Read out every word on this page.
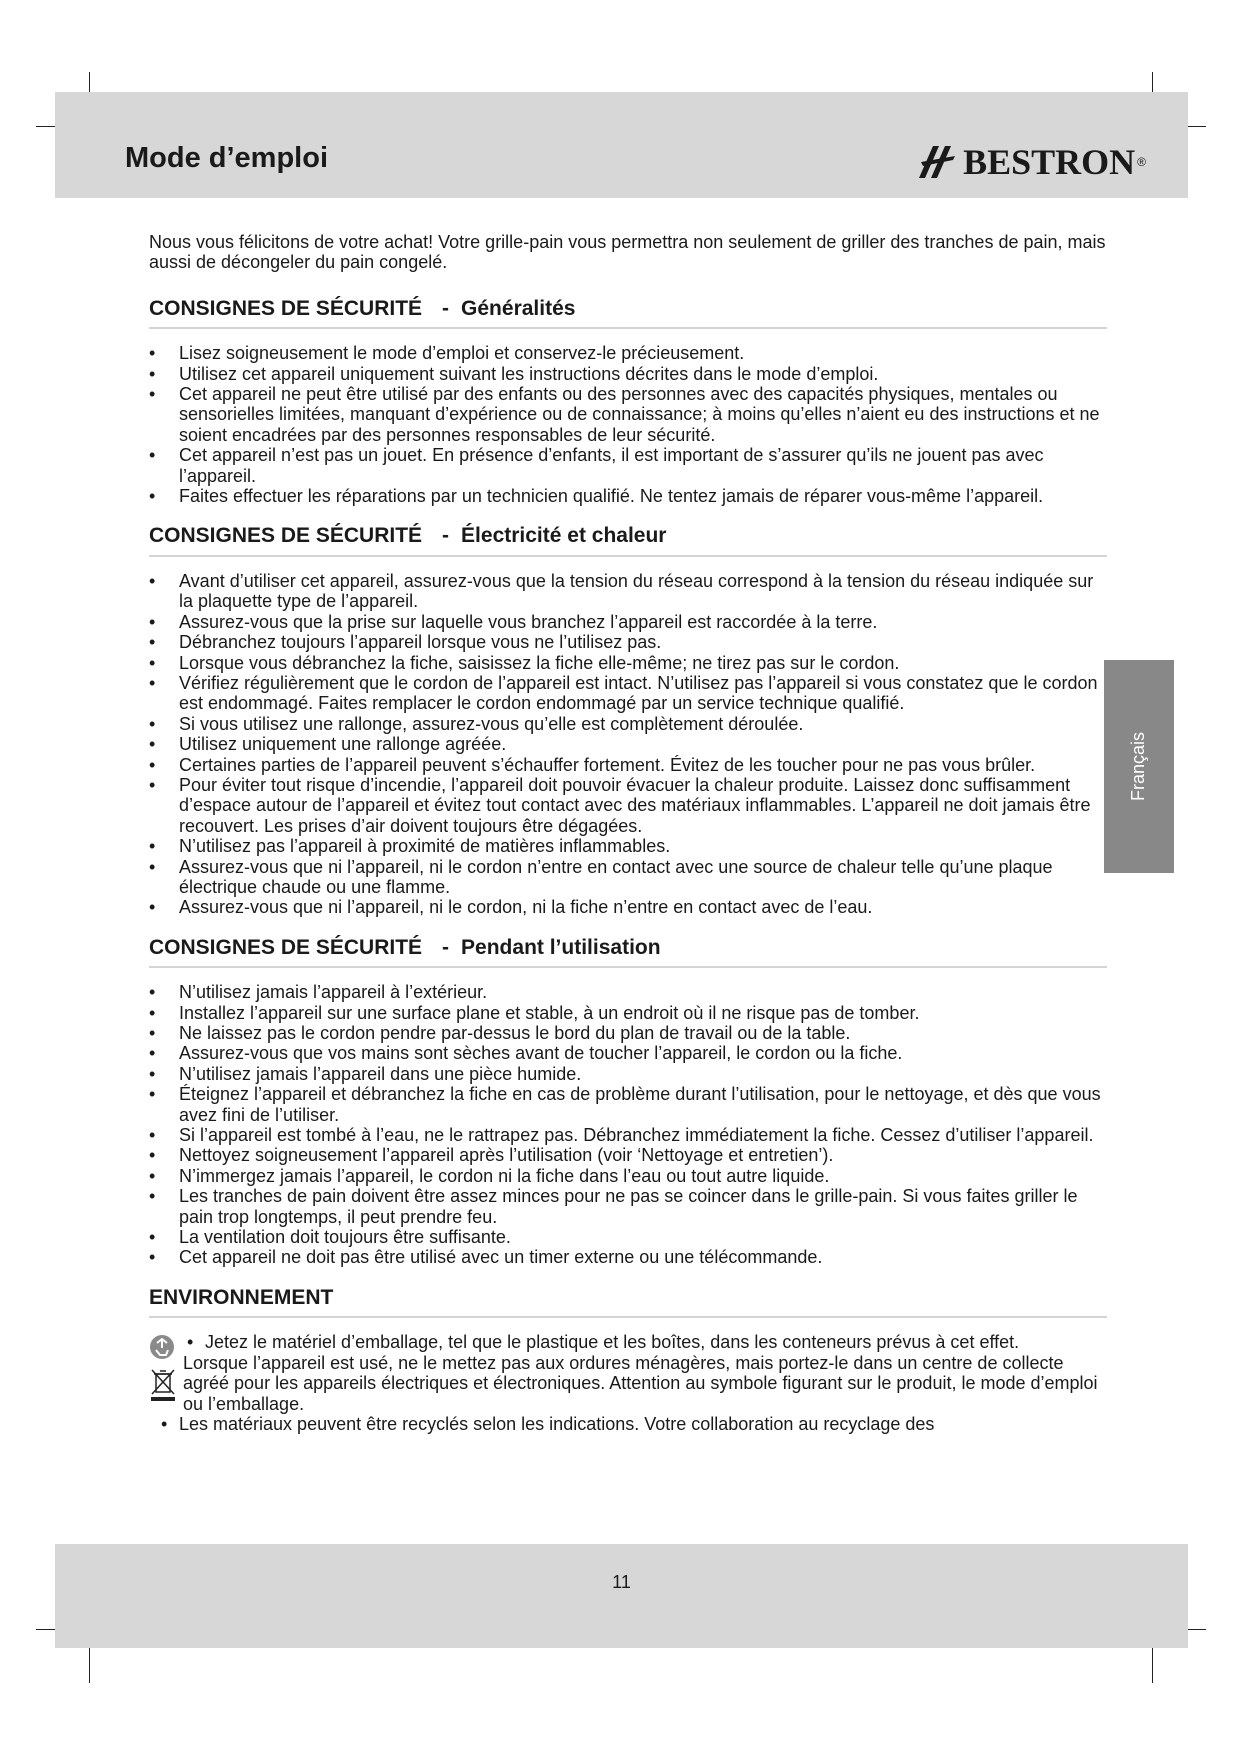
Mode d’emploi	BESTRON ®

Nous vous félicitons de votre achat! Votre grille-pain vous permettra non seulement de griller des tranches de pain, mais aussi de décongeler du pain congelé.

CONSIGNES DE SÉCURITÉ - Généralités
• Lisez soigneusement le mode d’emploi et conservez-le précieusement.
• Utilisez cet appareil uniquement suivant les instructions décrites dans le mode d’emploi.
• Cet appareil ne peut être utilisé par des enfants ou des personnes avec des capacités physiques, mentales ou sensorielles limitées, manquant d’expérience ou de connaissance; à moins qu’elles n’aient eu des instructions et ne soient encadrées par des personnes responsables de leur sécurité.
• Cet appareil n’est pas un jouet. En présence d’enfants, il est important de s’assurer qu’ils ne jouent pas avec l’appareil.
• Faites effectuer les réparations par un technicien qualifié. Ne tentez jamais de réparer vous-même l’appareil.
CONSIGNES DE SÉCURITÉ - Électricité et chaleur
• Avant d’utiliser cet appareil, assurez-vous que la tension du réseau correspond à la tension du réseau indiquée sur la plaquette type de l’appareil.
• Assurez-vous que la prise sur laquelle vous branchez l’appareil est raccordée à la terre.
• Débranchez toujours l’appareil lorsque vous ne l’utilisez pas.
• Lorsque vous débranchez la fiche, saisissez la fiche elle-même; ne tirez pas sur le cordon.
• Vérifiez régulièrement que le cordon de l’appareil est intact. N’utilisez pas l’appareil si vous constatez que le cordon est endommagé. Faites remplacer le cordon endommagé par un service technique qualifié.
• Si vous utilisez une rallonge, assurez-vous qu’elle est complètement déroulée.
• Utilisez uniquement une rallonge agréée.
• Certaines parties de l’appareil peuvent s’échauffer fortement. Évitez de les toucher pour ne pas vous brûler.
• Pour éviter tout risque d’incendie, l’appareil doit pouvoir évacuer la chaleur produite. Laissez donc suffisamment d’espace autour de l’appareil et évitez tout contact avec des matériaux inflammables. L’appareil ne doit jamais être recouvert. Les prises d’air doivent toujours être dégagées.
• N’utilisez pas l’appareil à proximité de matières inflammables.
• Assurez-vous que ni l’appareil, ni le cordon n’entre en contact avec une source de chaleur telle qu’une plaque électrique chaude ou une flamme.
• Assurez-vous que ni l’appareil, ni le cordon, ni la fiche n’entre en contact avec de l’eau.
CONSIGNES DE SÉCURITÉ - Pendant l’utilisation
• N’utilisez jamais l’appareil à l’extérieur.
• Installez l’appareil sur une surface plane et stable, à un endroit où il ne risque pas de tomber.
• Ne laissez pas le cordon pendre par-dessus le bord du plan de travail ou de la table.
• Assurez-vous que vos mains sont sèches avant de toucher l’appareil, le cordon ou la fiche.
• N’utilisez jamais l’appareil dans une pièce humide.
• Éteignez l’appareil et débranchez la fiche en cas de problème durant l’utilisation, pour le nettoyage, et dès que vous avez fini de l’utiliser.
• Si l’appareil est tombé à l’eau, ne le rattrapez pas. Débranchez immédiatement la fiche. Cessez d’utiliser l’appareil.
• Nettoyez soigneusement l’appareil après l’utilisation (voir ‘Nettoyage et entretien’).
• N’immergez jamais l’appareil, le cordon ni la fiche dans l’eau ou tout autre liquide.
• Les tranches de pain doivent être assez minces pour ne pas se coincer dans le grille-pain. Si vous faites griller le pain trop longtemps, il peut prendre feu.
• La ventilation doit toujours être suffisante.
• Cet appareil ne doit pas être utilisé avec un timer externe ou une télécommande.
ENVIRONNEMENT

• Jetez le matériel d’emballage, tel que le plastique et les boîtes, dans les conteneurs prévus à cet effet.

Lorsque l’appareil est usé, ne le mettez pas aux ordures ménagères, mais portez-le dans un centre de collecte agréé pour les appareils électriques et électroniques. Attention au symbole figurant sur le produit, le mode d’emploi ou l’emballage.

• Les matériaux peuvent être recyclés selon les indications. Votre collaboration au recyclage des

Français
11
